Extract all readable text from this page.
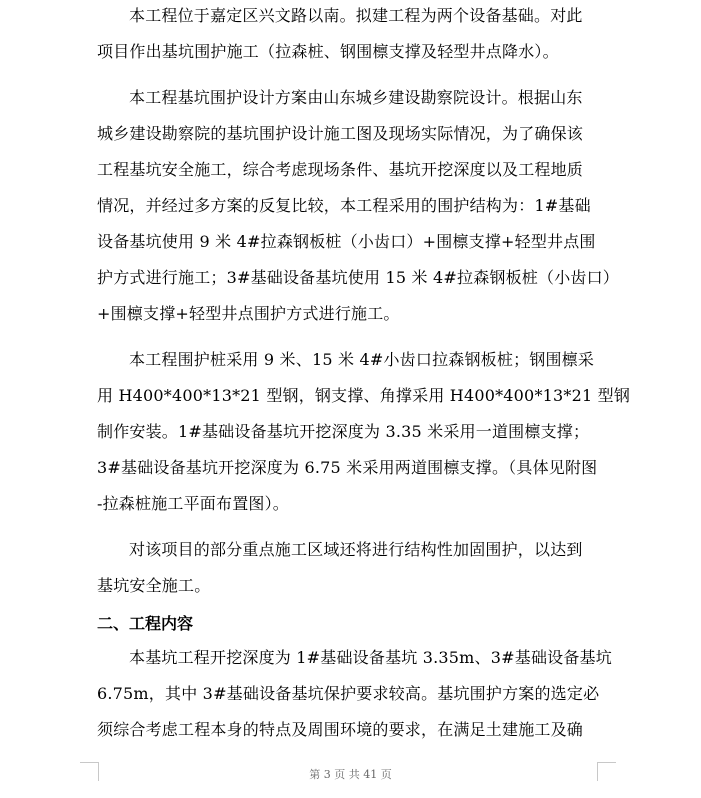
本工程位于嘉定区兴文路以南。拟建工程为两个设备基础。对此
项目作出基坑围护施工（拉森桩、钢围檩支撑及轻型井点降水）。

本工程基坑围护设计方案由山东城乡建设勘察院设计。根据山东
城乡建设勘察院的基坑围护设计施工图及现场实际情况，为了确保该
工程基坑安全施工，综合考虑现场条件、基坑开挖深度以及工程地质
情况，并经过多方案的反复比较，本工程采用的围护结构为：1#基础
设备基坑使用 9 米 4#拉森钢板桩（小齿口）+围檩支撑+轻型井点围
护方式进行施工；3#基础设备基坑使用 15 米 4#拉森钢板桩（小齿口）
+围檩支撑+轻型井点围护方式进行施工。

本工程围护桩采用 9 米、15 米 4#小齿口拉森钢板桩；钢围檩采
用 H400*400*13*21 型钢，钢支撑、角撑采用 H400*400*13*21 型钢
制作安装。1#基础设备基坑开挖深度为 3.35 米采用一道围檩支撑；
3#基础设备基坑开挖深度为 6.75 米采用两道围檩支撑。（具体见附图
-拉森桩施工平面布置图）。

对该项目的部分重点施工区域还将进行结构性加固围护，以达到
基坑安全施工。

二、工程内容

本基坑工程开挖深度为 1#基础设备基坑 3.35m、3#基础设备基坑
6.75m，其中 3#基础设备基坑保护要求较高。基坑围护方案的选定必
须综合考虑工程本身的特点及周围环境的要求，在满足土建施工及确

第 3 页 共 41 页
